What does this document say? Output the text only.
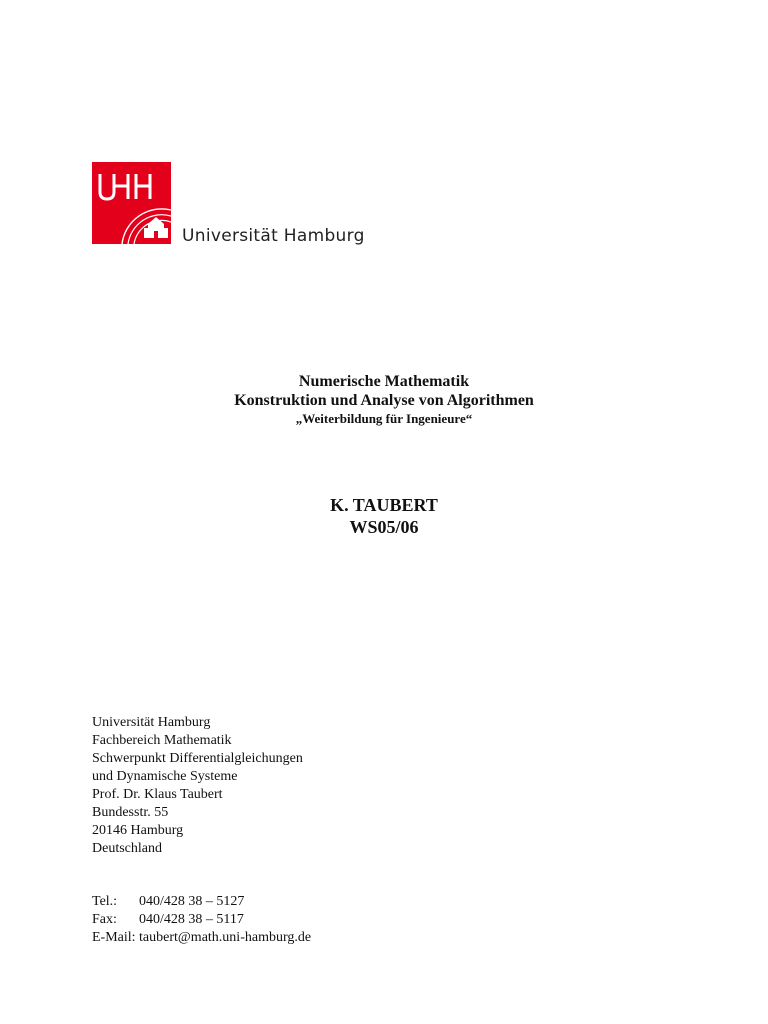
Universität Hamburg
Numerische Mathematik
Konstruktion und Analyse von Algorithmen
„Weiterbildung für Ingenieure“
K. TAUBERT
WS05/06
Universität Hamburg
Fachbereich Mathematik
Schwerpunkt Differentialgleichungen
und Dynamische Systeme
Prof. Dr. Klaus Taubert
Bundesstr. 55
20146 Hamburg
Deutschland
Tel.: 040/428 38 – 5127
Fax: 040/428 38 – 5117
E-Mail: taubert@math.uni-hamburg.de
